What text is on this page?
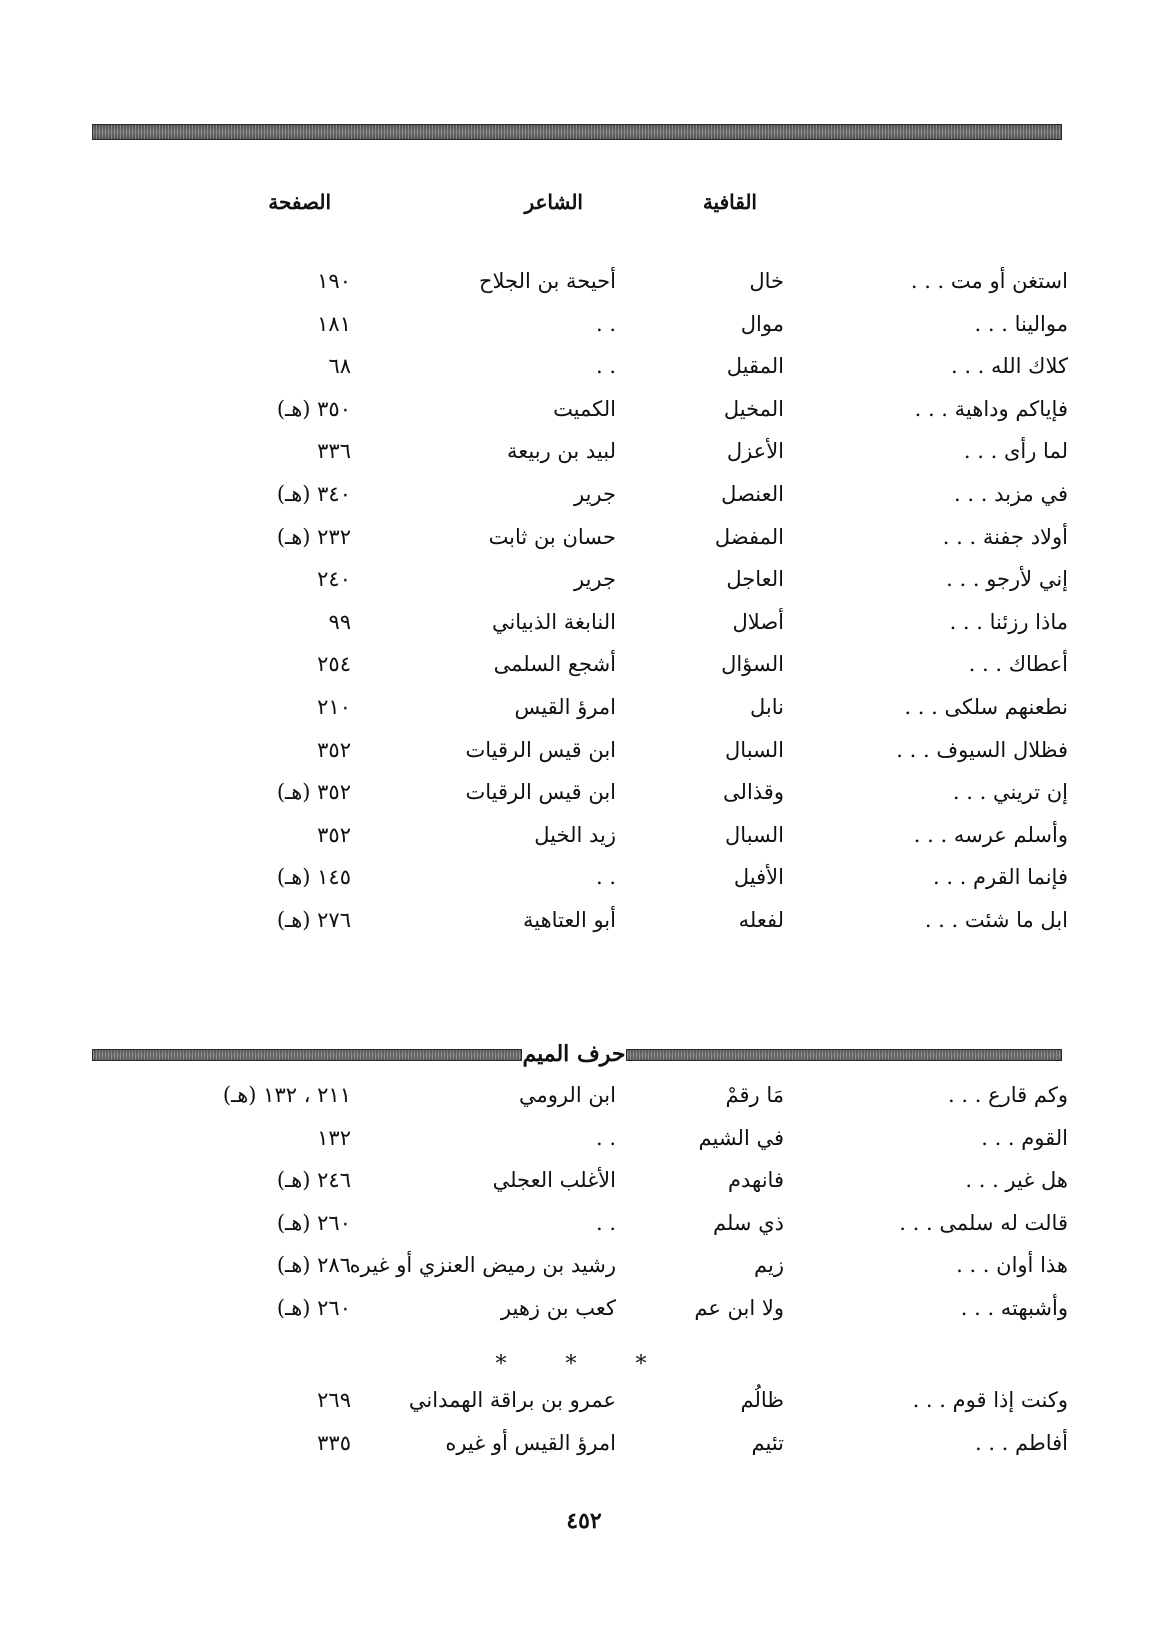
القافية
الشاعر
الصفحة
استغن أو مت . . .
خال
أحيحة بن الجلاح
١٩٠
موالينا . . .
موال
. .
١٨١
كلاك الله . . .
المقيل
. .
٦٨
فإياكم وداهية . . .
المخيل
الكميت
٣٥٠ (هـ)
لما رأى . . .
الأعزل
لبيد بن ربيعة
٣٣٦
في مزبد . . .
العنصل
جرير
٣٤٠ (هـ)
أولاد جفنة . . .
المفضل
حسان بن ثابت
٢٣٢ (هـ)
إني لأرجو . . .
العاجل
جرير
٢٤٠
ماذا رزئنا . . .
أصلال
النابغة الذبياني
٩٩
أعطاك . . .
السؤال
أشجع السلمى
٢٥٤
نطعنهم سلكى . . .
نابل
امرؤ القيس
٢١٠
فظلال السيوف . . .
السبال
ابن قيس الرقيات
٣٥٢
إن تريني . . .
وقذالى
ابن قيس الرقيات
٣٥٢ (هـ)
وأسلم عرسه . . .
السبال
زيد الخيل
٣٥٢
فإنما القرم . . .
الأفيل
. .
١٤٥ (هـ)
ابل ما شئت . . .
لفعله
أبو العتاهية
٢٧٦ (هـ)
وكم قارع . . .
مَا رقمْ
ابن الرومي
٢١١ ، ١٣٢ (هـ)
القوم . . .
في الشيم
. .
١٣٢
هل غير . . .
فانهدم
الأغلب العجلي
٢٤٦ (هـ)
قالت له سلمى . . .
ذي سلم
. .
٢٦٠ (هـ)
هذا أوان . . .
زيم
رشيد بن رميض العنزي أو غيره
٢٨٦ (هـ)
وأشبهته . . .
ولا ابن عم
كعب بن زهير
٢٦٠ (هـ)
وكنت إذا قوم . . .
ظالُم
عمرو بن براقة الهمداني
٢٦٩
أفاطم . . .
تئيم
امرؤ القيس أو غيره
٣٣٥
حرف الميم
* * *
٤٥٢
